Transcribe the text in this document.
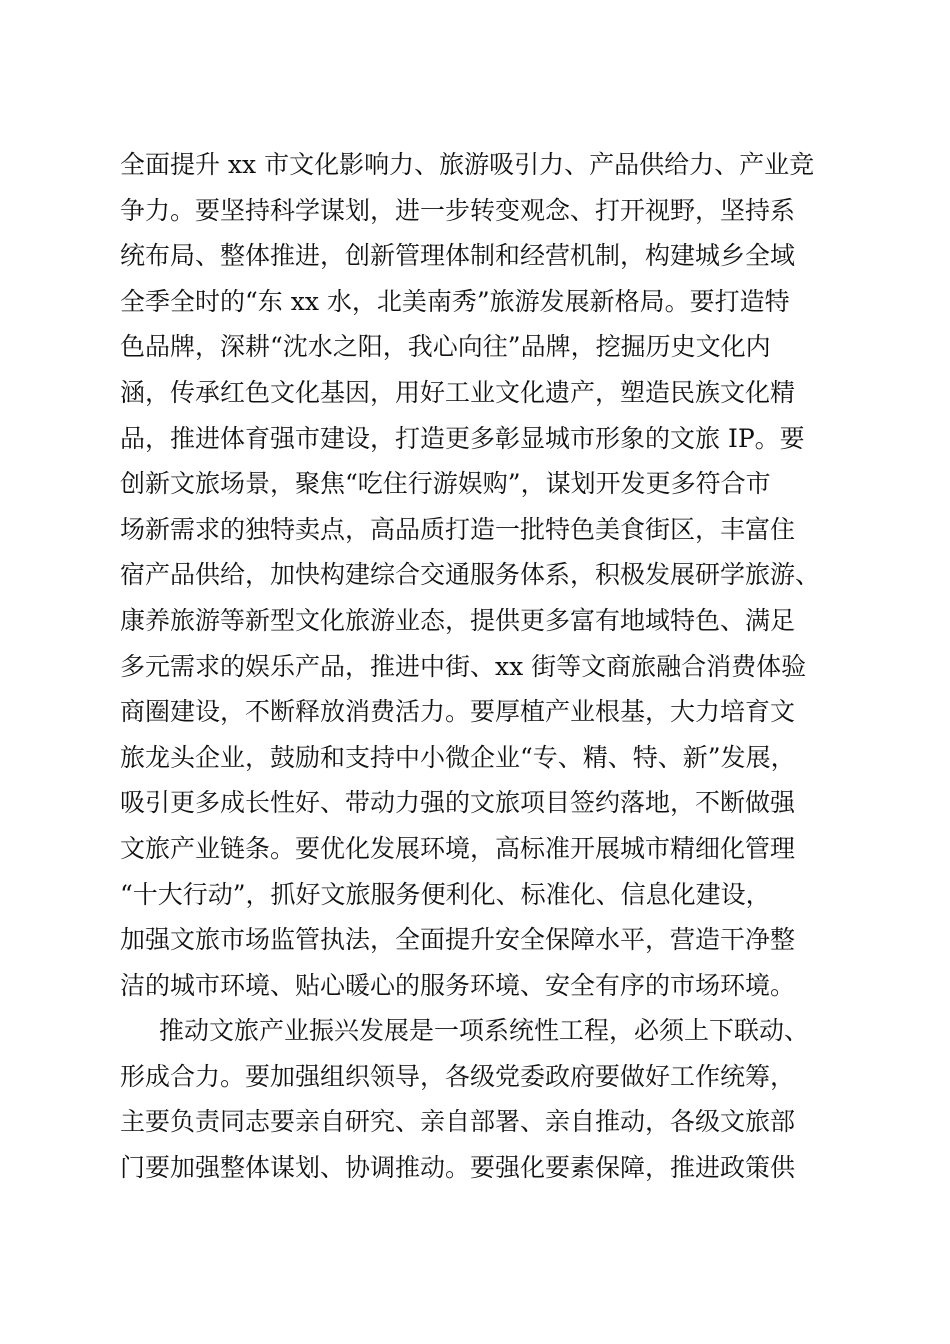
全面提升 xx 市文化影响力、旅游吸引力、产品供给力、产业竞
争力。要坚持科学谋划，进一步转变观念、打开视野，坚持系
统布局、整体推进，创新管理体制和经营机制，构建城乡全域
全季全时的“东 xx 水，北美南秀”旅游发展新格局。要打造特
色品牌，深耕“沈水之阳，我心向往”品牌，挖掘历史文化内
涵，传承红色文化基因，用好工业文化遗产，塑造民族文化精
品，推进体育强市建设，打造更多彰显城市形象的文旅 IP。要
创新文旅场景，聚焦“吃住行游娱购”，谋划开发更多符合市
场新需求的独特卖点，高品质打造一批特色美食街区，丰富住
宿产品供给，加快构建综合交通服务体系，积极发展研学旅游、
康养旅游等新型文化旅游业态，提供更多富有地域特色、满足
多元需求的娱乐产品，推进中街、xx 街等文商旅融合消费体验
商圈建设，不断释放消费活力。要厚植产业根基，大力培育文
旅龙头企业，鼓励和支持中小微企业“专、精、特、新”发展，
吸引更多成长性好、带动力强的文旅项目签约落地，不断做强
文旅产业链条。要优化发展环境，高标准开展城市精细化管理
“十大行动”，抓好文旅服务便利化、标准化、信息化建设，
加强文旅市场监管执法，全面提升安全保障水平，营造干净整
洁的城市环境、贴心暖心的服务环境、安全有序的市场环境。
推动文旅产业振兴发展是一项系统性工程，必须上下联动、
形成合力。要加强组织领导，各级党委政府要做好工作统筹，
主要负责同志要亲自研究、亲自部署、亲自推动，各级文旅部
门要加强整体谋划、协调推动。要强化要素保障，推进政策供
